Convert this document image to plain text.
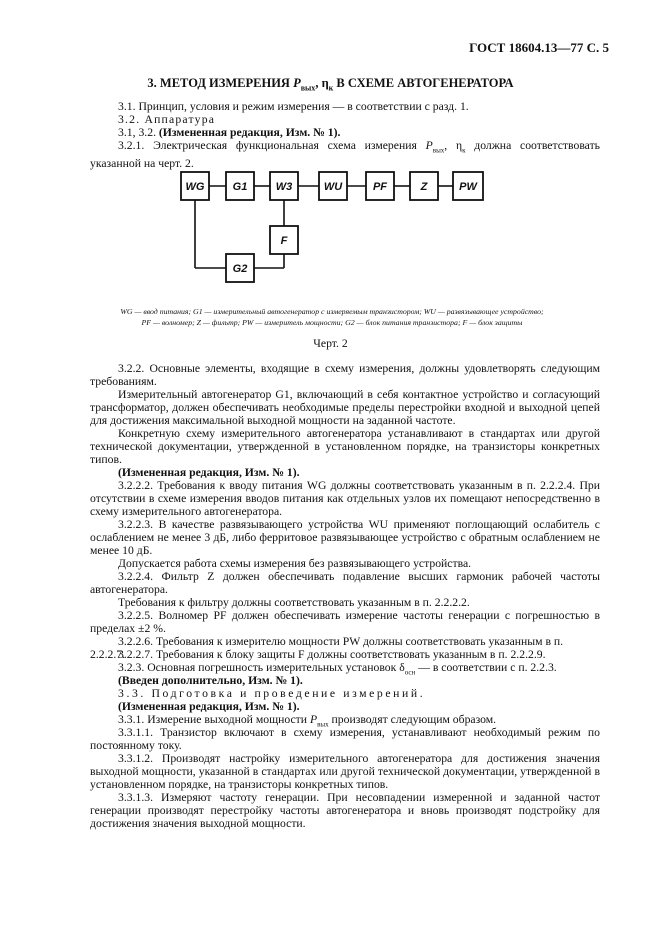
ГОСТ 18604.13—77 С. 5
3. МЕТОД ИЗМЕРЕНИЯ $P_{вых}$, $\eta_к$ В СХЕМЕ АВТОГЕНЕРАТОРА
3.1. Принцип, условия и режим измерения — в соответствии с разд. 1.
3.2. Аппаратура
3.1, 3.2. (Измененная редакция, Изм. № 1).
3.2.1. Электрическая функциональная схема измерения $P_{вых}$, $\eta_к$ должна соответствовать указанной на черт. 2.
WG	G1	W3	WU	PF	Z	PW
F
G2
WG — ввод питания; G1 — измерительный автогенератор с измеряемым транзистором; WU — развязывающее устройство;
PF — волномер; Z — фильтр; PW — измеритель мощности; G2 — блок питания транзистора; F — блок защиты
Черт. 2
3.2.2. Основные элементы, входящие в схему измерения, должны удовлетворять следующим требованиям.
Измерительный автогенератор G1, включающий в себя контактное устройство и согласующий трансформатор, должен обеспечивать необходимые пределы перестройки входной и выходной цепей для достижения максимальной выходной мощности на заданной частоте.
Конкретную схему измерительного автогенератора устанавливают в стандартах или другой технической документации, утвержденной в установленном порядке, на транзисторы конкретных типов.
(Измененная редакция, Изм. № 1).
3.2.2.2. Требования к вводу питания WG должны соответствовать указанным в п. 2.2.2.4. При отсутствии в схеме измерения вводов питания как отдельных узлов их помещают непосредственно в схему измерительного автогенератора.
3.2.2.3. В качестве развязывающего устройства WU применяют поглощающий ослабитель с ослаблением не менее 3 дБ, либо ферритовое развязывающее устройство с обратным ослаблением не менее 10 дБ.
Допускается работа схемы измерения без развязывающего устройства.
3.2.2.4. Фильтр Z должен обеспечивать подавление высших гармоник рабочей частоты автогенератора.
Требования к фильтру должны соответствовать указанным в п. 2.2.2.2.
3.2.2.5. Волномер PF должен обеспечивать измерение частоты генерации с погрешностью в пределах ±2 %.
3.2.2.6. Требования к измерителю мощности PW должны соответствовать указанным в п. 2.2.2.7.
3.2.2.7. Требования к блоку защиты F должны соответствовать указанным в п. 2.2.2.9.
3.2.3. Основная погрешность измерительных установок $\delta_{осн}$ — в соответствии с п. 2.2.3.
(Введен дополнительно, Изм. № 1).
3.3. Подготовка и проведение измерений.
(Измененная редакция, Изм. № 1).
3.3.1. Измерение выходной мощности $P_{вых}$ производят следующим образом.
3.3.1.1. Транзистор включают в схему измерения, устанавливают необходимый режим по постоянному току.
3.3.1.2. Производят настройку измерительного автогенератора для достижения значения выходной мощности, указанной в стандартах или другой технической документации, утвержденной в установленном порядке, на транзисторы конкретных типов.
3.3.1.3. Измеряют частоту генерации. При несовпадении измеренной и заданной частот генерации производят перестройку частоты автогенератора и вновь производят подстройку для достижения значения выходной мощности.
